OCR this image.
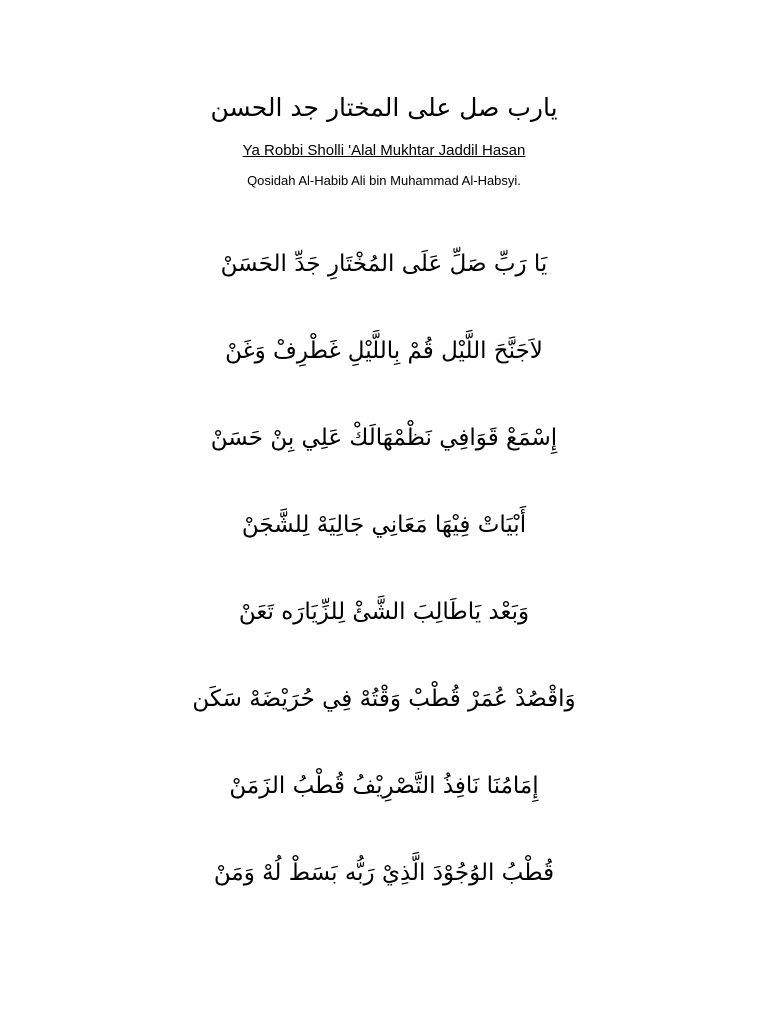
يارب صل على المختار جد الحسن
Ya Robbi Sholli 'Alal Mukhtar Jaddil Hasan
Qosidah Al-Habib Ali bin Muhammad Al-Habsyi.
يَا رَبِّ صَلِّ عَلَى المُخْتَارِ جَدِّ الحَسَنْ
لاَجَنَّحَ اللَّيْل قُمْ بِاللَّيْلِ غَطْرِفْ وَغَنْ
إِسْمَعْ قَوَافِي نَظْمْهَالَكْ عَلِي بِنْ حَسَنْ
أَبْيَاتْ فِيْهَا مَعَانِي جَالِيَهْ لِلشَّجَنْ
وَبَعْد يَاطَالِبَ الشَّئْ لِلزِّيَارَه تَعَنْ
وَاقْصُدْ عُمَرْ قُطْبْ وَقْتُهْ فِي حُرَيْضَهْ سَكَن
إِمَامُنَا نَافِذُ التَّصْرِيْفُ قُطْبُ الزَمَنْ
قُطْبُ الوُجُوْدَ الَّذِيْ رَبُّه بَسَطْ لُهْ وَمَنْ
